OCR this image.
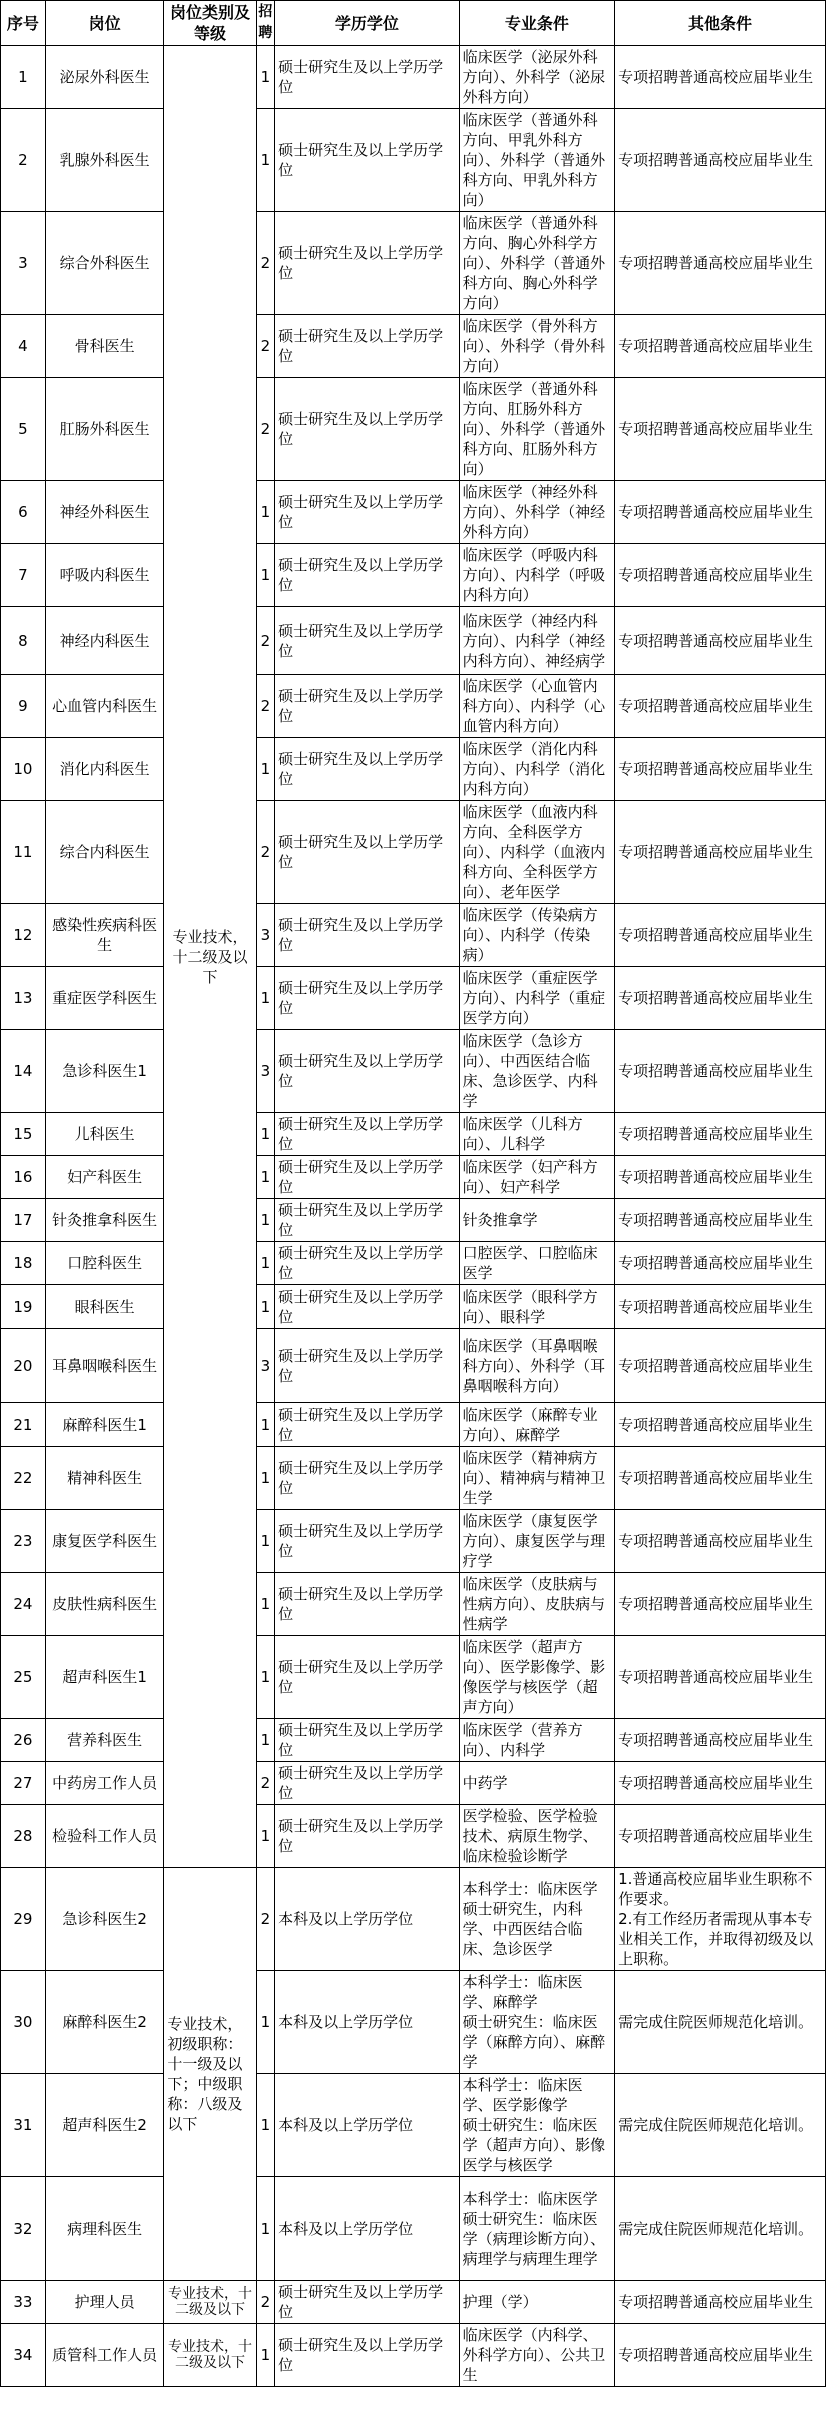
序号	岗位	岗位类别及等级	招聘	学历学位	专业条件	其他条件
1	泌尿外科医生	专业技术，十二级及以下	1	硕士研究生及以上学历学位	临床医学（泌尿外科方向）、外科学（泌尿外科方向）	专项招聘普通高校应届毕业生
2	乳腺外科医生		1	硕士研究生及以上学历学位	临床医学（普通外科方向、甲乳外科方向）、外科学（普通外科方向、甲乳外科方向）	专项招聘普通高校应届毕业生
3	综合外科医生		2	硕士研究生及以上学历学位	临床医学（普通外科方向、胸心外科学方向）、外科学（普通外科方向、胸心外科学方向）	专项招聘普通高校应届毕业生
4	骨科医生		2	硕士研究生及以上学历学位	临床医学（骨外科方向）、外科学（骨外科方向）	专项招聘普通高校应届毕业生
5	肛肠外科医生		2	硕士研究生及以上学历学位	临床医学（普通外科方向、肛肠外科方向）、外科学（普通外科方向、肛肠外科方向）	专项招聘普通高校应届毕业生
6	神经外科医生		1	硕士研究生及以上学历学位	临床医学（神经外科方向）、外科学（神经外科方向）	专项招聘普通高校应届毕业生
7	呼吸内科医生		1	硕士研究生及以上学历学位	临床医学（呼吸内科方向）、内科学（呼吸内科方向）	专项招聘普通高校应届毕业生
8	神经内科医生		2	硕士研究生及以上学历学位	临床医学（神经内科方向）、内科学（神经内科方向）、神经病学	专项招聘普通高校应届毕业生
9	心血管内科医生		2	硕士研究生及以上学历学位	临床医学（心血管内科方向）、内科学（心血管内科方向）	专项招聘普通高校应届毕业生
10	消化内科医生		1	硕士研究生及以上学历学位	临床医学（消化内科方向）、内科学（消化内科方向）	专项招聘普通高校应届毕业生
11	综合内科医生		2	硕士研究生及以上学历学位	临床医学（血液内科方向、全科医学方向）、内科学（血液内科方向、全科医学方向）、老年医学	专项招聘普通高校应届毕业生
12	感染性疾病科医生		3	硕士研究生及以上学历学位	临床医学（传染病方向）、内科学（传染病）	专项招聘普通高校应届毕业生
13	重症医学科医生		1	硕士研究生及以上学历学位	临床医学（重症医学方向）、内科学（重症医学方向）	专项招聘普通高校应届毕业生
14	急诊科医生1		3	硕士研究生及以上学历学位	临床医学（急诊方向）、中西医结合临床、急诊医学、内科学	专项招聘普通高校应届毕业生
15	儿科医生		1	硕士研究生及以上学历学位	临床医学（儿科方向）、儿科学	专项招聘普通高校应届毕业生
16	妇产科医生		1	硕士研究生及以上学历学位	临床医学（妇产科方向）、妇产科学	专项招聘普通高校应届毕业生
17	针灸推拿科医生		1	硕士研究生及以上学历学位	针灸推拿学	专项招聘普通高校应届毕业生
18	口腔科医生		1	硕士研究生及以上学历学位	口腔医学、口腔临床医学	专项招聘普通高校应届毕业生
19	眼科医生		1	硕士研究生及以上学历学位	临床医学（眼科学方向）、眼科学	专项招聘普通高校应届毕业生
20	耳鼻咽喉科医生		3	硕士研究生及以上学历学位	临床医学（耳鼻咽喉科方向）、外科学（耳鼻咽喉科方向）	专项招聘普通高校应届毕业生
21	麻醉科医生1		1	硕士研究生及以上学历学位	临床医学（麻醉专业方向）、麻醉学	专项招聘普通高校应届毕业生
22	精神科医生		1	硕士研究生及以上学历学位	临床医学（精神病方向）、精神病与精神卫生学	专项招聘普通高校应届毕业生
23	康复医学科医生		1	硕士研究生及以上学历学位	临床医学（康复医学方向）、康复医学与理疗学	专项招聘普通高校应届毕业生
24	皮肤性病科医生		1	硕士研究生及以上学历学位	临床医学（皮肤病与性病方向）、皮肤病与性病学	专项招聘普通高校应届毕业生
25	超声科医生1		1	硕士研究生及以上学历学位	临床医学（超声方向）、医学影像学、影像医学与核医学（超声方向）	专项招聘普通高校应届毕业生
26	营养科医生		1	硕士研究生及以上学历学位	临床医学（营养方向）、内科学	专项招聘普通高校应届毕业生
27	中药房工作人员		2	硕士研究生及以上学历学位	中药学	专项招聘普通高校应届毕业生
28	检验科工作人员		1	硕士研究生及以上学历学位	医学检验、医学检验技术、病原生物学、临床检验诊断学	专项招聘普通高校应届毕业生
29	急诊科医生2	专业技术，初级职称：十一级及以下；中级职称：八级及以下	2	本科及以上学历学位	本科学士：临床医学
硕士研究生，内科学、中西医结合临床、急诊医学	1.普通高校应届毕业生职称不作要求。
2.有工作经历者需现从事本专业相关工作，并取得初级及以上职称。
30	麻醉科医生2		1	本科及以上学历学位	本科学士：临床医学、麻醉学
硕士研究生：临床医学（麻醉方向）、麻醉学	需完成住院医师规范化培训。
31	超声科医生2		1	本科及以上学历学位	本科学士：临床医学、医学影像学
硕士研究生：临床医学（超声方向）、影像医学与核医学	需完成住院医师规范化培训。
32	病理科医生		1	本科及以上学历学位	本科学士：临床医学
硕士研究生：临床医学（病理诊断方向）、病理学与病理生理学	需完成住院医师规范化培训。
33	护理人员	专业技术，十二级及以下	2	硕士研究生及以上学历学位	护理（学）	专项招聘普通高校应届毕业生
34	质管科工作人员	专业技术，十二级及以下	1	硕士研究生及以上学历学位	临床医学（内科学、外科学方向）、公共卫生	专项招聘普通高校应届毕业生
